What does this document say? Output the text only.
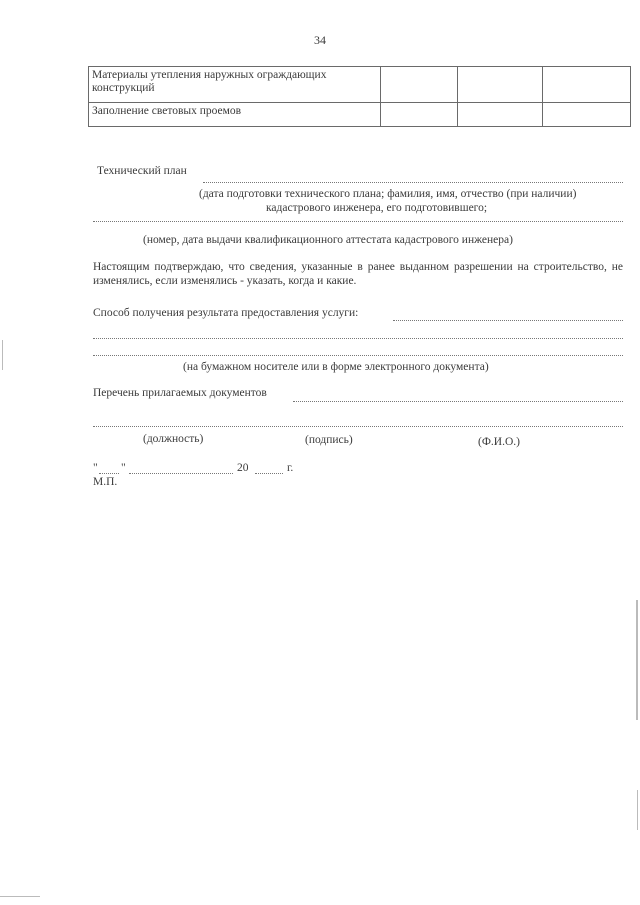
34
Материалы утепления наружных ограждающих конструкций			
Заполнение световых проемов			
Технический план
(дата подготовки технического плана; фамилия, имя, отчество (при наличии)
кадастрового инженера, его подготовившего;
(номер, дата выдачи квалификационного аттестата кадастрового инженера)
Настоящим подтверждаю, что сведения, указанные в ранее выданном разрешении на строительство, не изменялись, если изменялись - указать, когда и какие.
Способ получения результата предоставления услуги:
(на бумажном носителе или в форме электронного документа)
Перечень прилагаемых документов
(должность)	(подпись)	(Ф.И.О.)
" "	20	г.
М.П.
